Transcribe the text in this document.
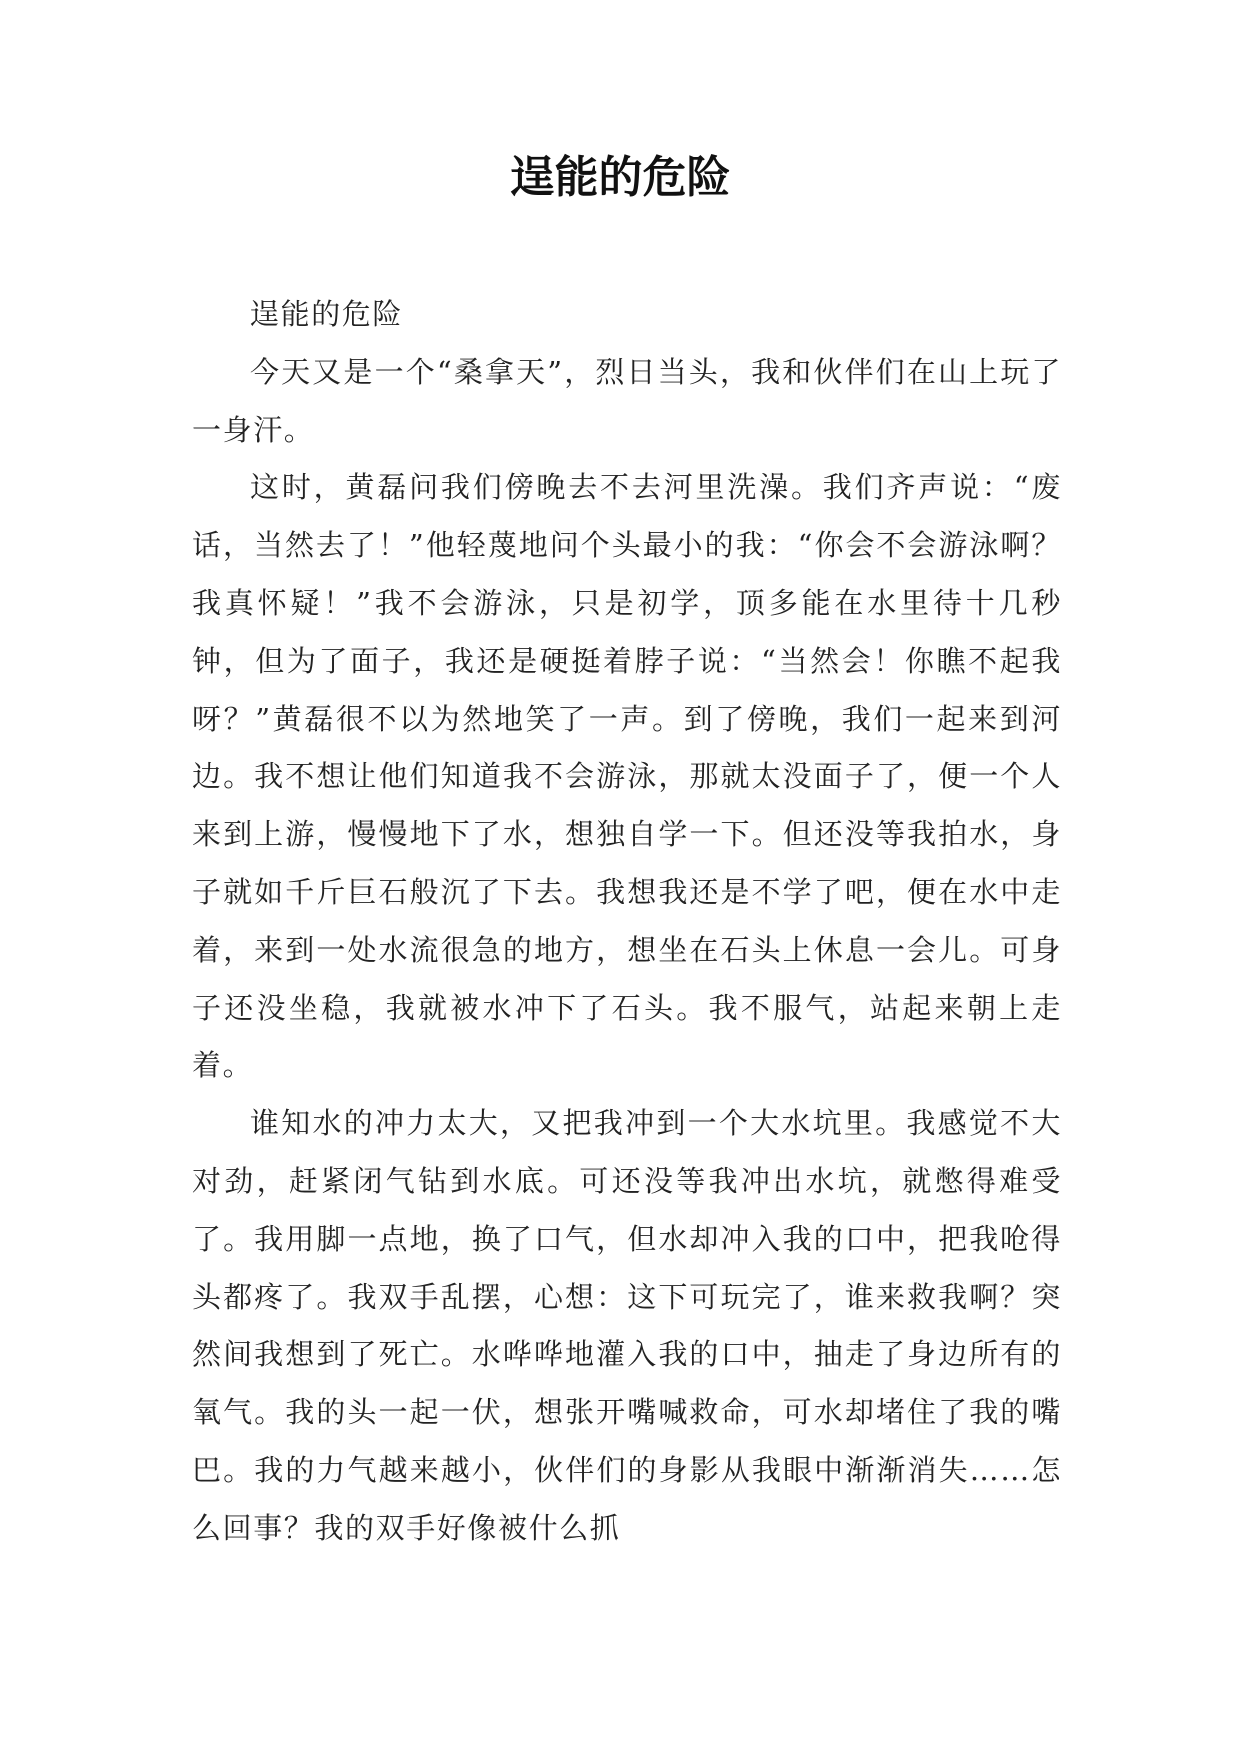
逞能的危险

逞能的危险

今天又是一个“桑拿天”，烈日当头，我和伙伴们在山上玩了一身汗。

这时，黄磊问我们傍晚去不去河里洗澡。我们齐声说：“废话，当然去了！”他轻蔑地问个头最小的我：“你会不会游泳啊？我真怀疑！”我不会游泳，只是初学，顶多能在水里待十几秒钟，但为了面子，我还是硬挺着脖子说：“当然会！你瞧不起我呀？”黄磊很不以为然地笑了一声。到了傍晚，我们一起来到河边。我不想让他们知道我不会游泳，那就太没面子了，便一个人来到上游，慢慢地下了水，想独自学一下。但还没等我拍水，身子就如千斤巨石般沉了下去。我想我还是不学了吧，便在水中走着，来到一处水流很急的地方，想坐在石头上休息一会儿。可身子还没坐稳，我就被水冲下了石头。我不服气，站起来朝上走着。

谁知水的冲力太大，又把我冲到一个大水坑里。我感觉不大对劲，赶紧闭气钻到水底。可还没等我冲出水坑，就憋得难受了。我用脚一点地，换了口气，但水却冲入我的口中，把我呛得头都疼了。我双手乱摆，心想：这下可玩完了，谁来救我啊？突然间我想到了死亡。水哗哗地灌入我的口中，抽走了身边所有的氧气。我的头一起一伏，想张开嘴喊救命，可水却堵住了我的嘴巴。我的力气越来越小，伙伴们的身影从我眼中渐渐消失……怎么回事？我的双手好像被什么抓
